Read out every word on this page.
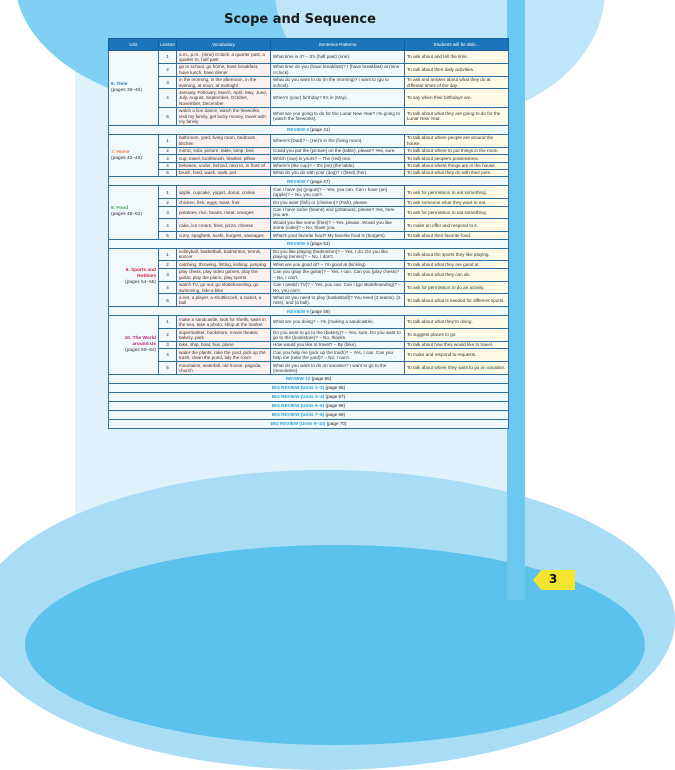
Scope and Sequence
Unit	Lesson	Vocabulary	Sentence Patterns	Students will be able...
6. Time
(pages 36–40)	1	a.m., p.m., (nine) o'clock, a quarter past, a quarter to, half past	What time is it? – It's (half past) (one).	To ask about and tell the time.
	2	go to school, go home, have breakfast, have lunch, have dinner	What time do you (have breakfast)? I (have breakfast) at (nine o'clock).	To talk about their daily activities.
	3	in the morning, in the afternoon, in the evening, at noon, at midnight	What do you want to do (in the morning)? I want to (go to school).	To ask and answer about what they do at different times of the day.
	4	January, February, March, April, May, June, July, August, September, October, November, December	When's (your) birthday? It's in (May).	To say when their birthdays are.
	5	watch a lion dance, watch the fireworks, visit my family, get lucky money, travel with my family	What are you going to do for the Lunar New Year? I'm going to (watch the fireworks).	To talk about what they are going to do for the Lunar New Year.
REVIEW 6 (page 41)				
7. Home
(pages 42–46)	1	bathroom, yard, living room, bedroom, kitchen	Where's (Dad)? – (He)'s in the (living room).	To talk about where people are around the house.
	2	mirror, sofa, picture, table, lamp, bed	Could you put the (picture) on the (table), please? Yes, sure.	To talk about where to put things in the room.
	3	cup, towel, toothbrush, blanket, pillow	Which (cup) is yours? – The (red) one.	To talk about people's possessions.
	4	between, under, behind, next to, in front of	Where's (the cup)? – It's (on) (the table).	To talk about where things are in the house.
	5	brush, feed, wash, walk, pet	What do you do with your (dog)? I (feed) (her).	To talk about what they do with their pets.
REVIEW 7 (page 47)				
8. Food
(pages 48–52)	1	apple, cupcake, yogurt, donut, cookie	Can I have (a) (yogurt)? – Yes, you can. Can I have (an) (apple)? – No, you can't.	To ask for permission to eat something.
	2	chicken, fish, eggs, toast, fruit	Do you want (fish) or (chicken)? (Fish), please.	To ask someone what they want to eat.
	3	potatoes, rice, beans, meat, oranges	Can I have some (beans) and (potatoes), please? Yes, here you are.	To ask for permission to eat something.
	4	cake, ice cream, fries, pizza, cheese	Would you like some (fries)? – Yes, please. Would you like some (cake)? – No, thank you.	To make an offer and respond to it.
	5	curry, spaghetti, sushi, burgers, sausages	What's your favorite food? My favorite food is (burgers).	To talk about their favorite food.
REVIEW 8 (page 53)				
9. Sports and Hobbies
(pages 54–58)	1	volleyball, basketball, badminton, tennis, soccer	Do you like playing (badminton)? – Yes, I do. Do you like playing (tennis)? – No, I don't.	To talk about the sports they like playing.
	2	catching, throwing, hitting, kicking, jumping	What are you good at? – I'm good at (kicking).	To talk about what they are good at.
	3	play chess, play video games, play the guitar, play the piano, play sports	Can you (play the guitar)? – Yes, I can. Can you (play chess)? – No, I can't.	To talk about what they can do.
	4	watch TV, go out, go skateboarding, go swimming, ride a bike	Can I (watch TV)? – Yes, you can. Can I (go skateboarding)? – No, you can't.	To ask for permission to do an activity.
	5	a net, a player, a shuttlecock, a racket, a ball	What do you need to play (basketball)? You need (2 teams), (2 nets), and (a ball).	To talk about what is needed for different sports.
REVIEW 9 (page 59)				
10. The World around Us
(pages 60–64)	1	make a sandcastle, look for shells, swim in the sea, take a photo, shop at the market	What are you doing? – I'm (making a sandcastle).	To talk about what they're doing.
	2	supermarket, bookstore, movie theater, bakery, park	Do you want to go to the (bakery)? – Yes, sure. Do you want to go to the (bookstore)? – No, thanks.	To suggest places to go.
	3	bike, ship, boat, bus, plane	How would you like to travel? – By (bike).	To talk about how they would like to travel.
	4	water the plants, rake the yard, pick up the trash, clean the pond, tidy the room	Can you help me (pick up the trash)? – Yes, I can. Can you help me (rake the yard)? – No, I can't.	To make and respond to requests.
	5	mountains, waterfall, old house, pagoda, church	What do you want to do on vacation? I want to go to the (mountains).	To talk about where they want to go on vacation.
REVIEW 10 (page 65)				
BIG REVIEW (Units 1–2) (page 66)				
BIG REVIEW (Units 3–4) (page 67)				
BIG REVIEW (Units 5–6) (page 68)				
BIG REVIEW (Units 7–8) (page 69)				
BIG REVIEW (Units 9–10) (page 70)				
3
